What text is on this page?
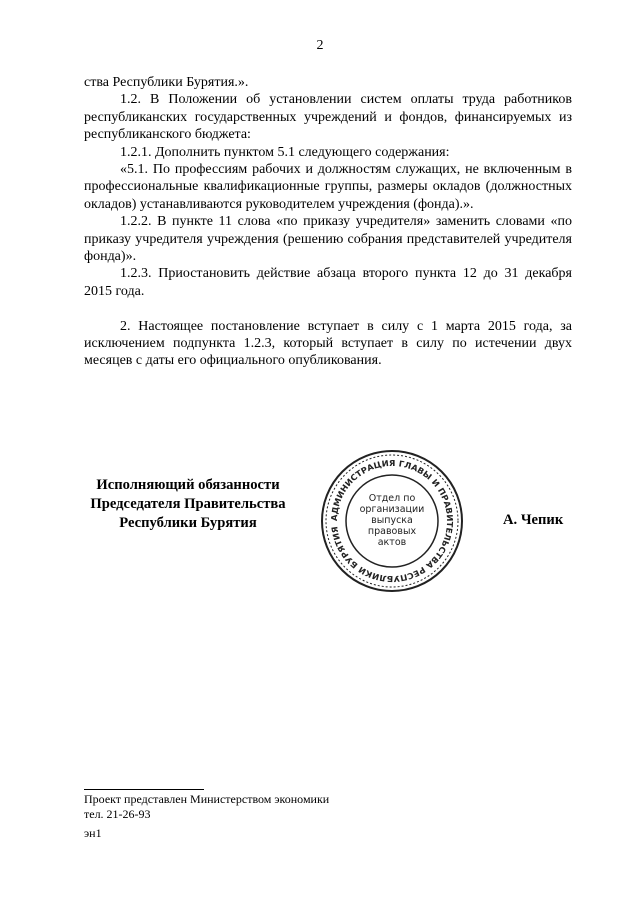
2

ства Республики Бурятия.».

1.2. В Положении об установлении систем оплаты труда работников республиканских государственных учреждений и фондов, финансируемых из республиканского бюджета:

1.2.1. Дополнить пунктом 5.1 следующего содержания:

«5.1. По профессиям рабочих и должностям служащих, не включенным в профессиональные квалификационные группы, размеры окладов (должностных окладов) устанавливаются руководителем учреждения (фонда).».

1.2.2. В пункте 11 слова «по приказу учредителя» заменить словами «по приказу учредителя учреждения (решению собрания представителей учредителя фонда)».

1.2.3. Приостановить действие абзаца второго пункта 12 до 31 декабря 2015 года.

2. Настоящее постановление вступает в силу с 1 марта 2015 года, за исключением подпункта 1.2.3, который вступает в силу по истечении двух месяцев с даты его официального опубликования.

Исполняющий обязанности
Председателя Правительства
Республики Бурятия	АДМИНИСТРАЦИЯ ГЛАВЫ И ПРАВИТЕЛЬСТВА РЕСПУБЛИКИ БУРЯТИЯ
Отдел по
организации
выпуска
правовых
актов
А. Чепик
Проект представлен Министерством экономики
тел. 21-26-93
эн1
